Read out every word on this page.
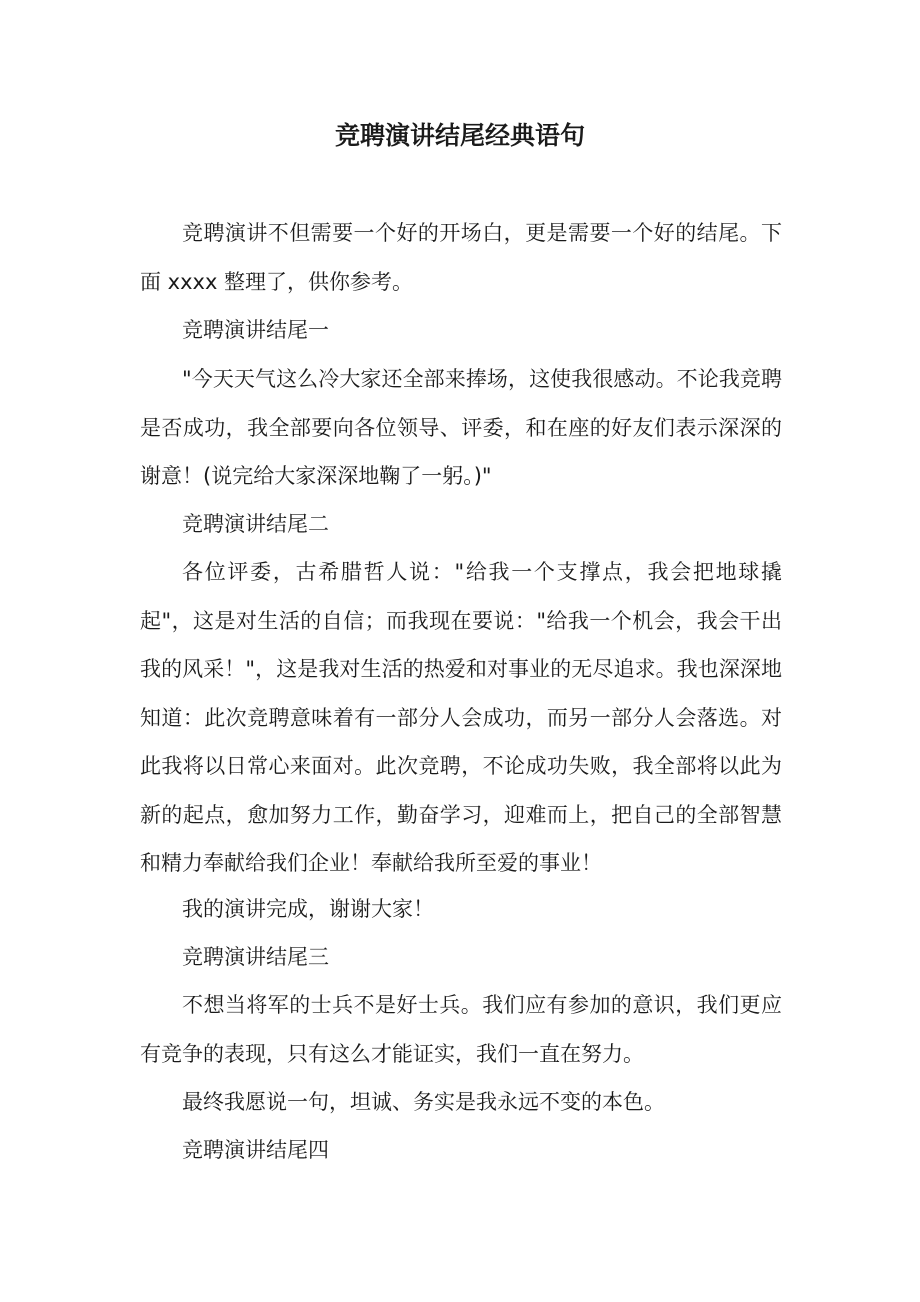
竞聘演讲结尾经典语句

竞聘演讲不但需要一个好的开场白，更是需要一个好的结尾。下面 xxxx 整理了，供你参考。

竞聘演讲结尾一

"今天天气这么冷大家还全部来捧场，这使我很感动。不论我竞聘是否成功，我全部要向各位领导、评委，和在座的好友们表示深深的谢意！(说完给大家深深地鞠了一躬。)"

竞聘演讲结尾二

各位评委，古希腊哲人说："给我一个支撑点，我会把地球撬起"，这是对生活的自信；而我现在要说："给我一个机会，我会干出我的风采！"，这是我对生活的热爱和对事业的无尽追求。我也深深地知道：此次竞聘意味着有一部分人会成功，而另一部分人会落选。对此我将以日常心来面对。此次竞聘，不论成功失败，我全部将以此为新的起点，愈加努力工作，勤奋学习，迎难而上，把自己的全部智慧和精力奉献给我们企业！奉献给我所至爱的事业！

我的演讲完成，谢谢大家！

竞聘演讲结尾三

不想当将军的士兵不是好士兵。我们应有参加的意识，我们更应有竞争的表现，只有这么才能证实，我们一直在努力。

最终我愿说一句，坦诚、务实是我永远不变的本色。

竞聘演讲结尾四
